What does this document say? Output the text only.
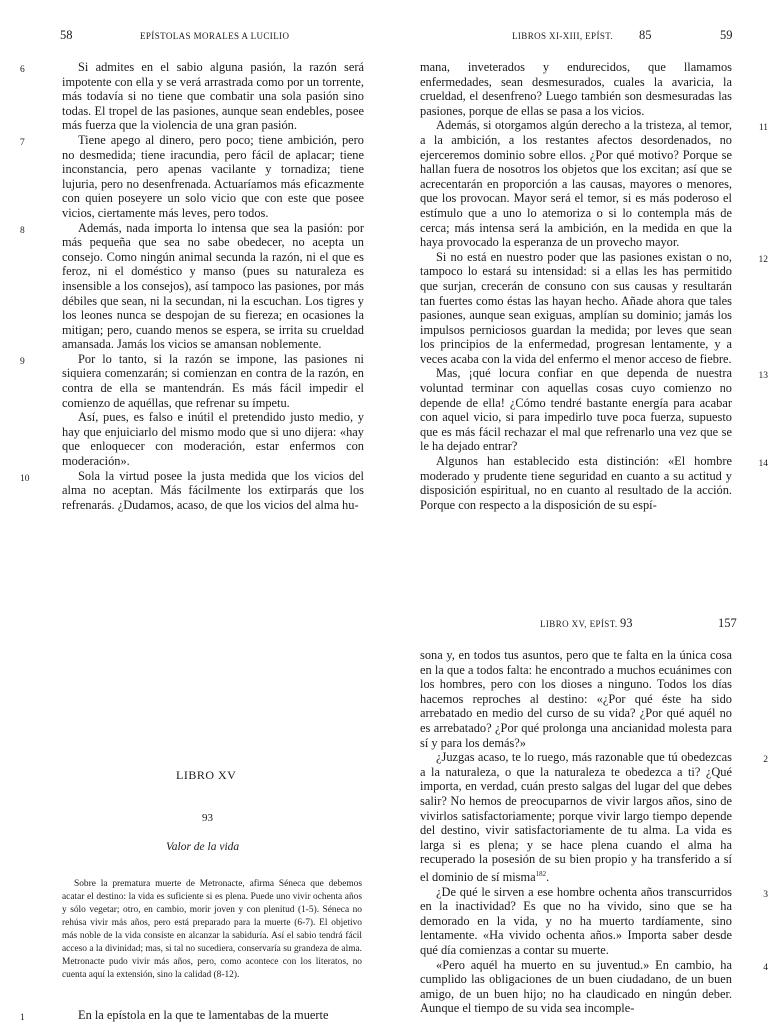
58	EPÍSTOLAS MORALES A LUCILIO
6	Si admites en el sabio alguna pasión, la razón será impotente con ella y se verá arrastrada como por un torrente, más todavía si no tiene que combatir una sola pasión sino todas. El tropel de las pasiones, aunque sean endebles, posee más fuerza que la violencia de una gran pasión.

7	Tiene apego al dinero, pero poco; tiene ambición, pero no desmedida; tiene iracundia, pero fácil de aplacar; tiene inconstancia, pero apenas vacilante y tornadiza; tiene lujuria, pero no desenfrenada. Actuaríamos más eficazmente con quien poseyere un solo vicio que con este que posee vicios, ciertamente más leves, pero todos.

8	Además, nada importa lo intensa que sea la pasión: por más pequeña que sea no sabe obedecer, no acepta un consejo. Como ningún animal secunda la razón, ni el que es feroz, ni el doméstico y manso (pues su naturaleza es insensible a los consejos), así tampoco las pasiones, por más débiles que sean, ni la secundan, ni la escuchan. Los tigres y los leones nunca se despojan de su fiereza; en ocasiones la mitigan; pero, cuando menos se espera, se irrita su crueldad amansada. Jamás los vicios se amansan noblemente.

9	Por lo tanto, si la razón se impone, las pasiones ni siquiera comenzarán; si comienzan en contra de la razón, en contra de ella se mantendrán. Es más fácil impedir el comienzo de aquéllas, que refrenar su ímpetu.

Así, pues, es falso e inútil el pretendido justo medio, y hay que enjuiciarlo del mismo modo que si uno dijera: «hay que enloquecer con moderación, estar enfermos con moderación».

10	Sola la virtud posee la justa medida que los vicios del alma no aceptan. Más fácilmente los extirparás que los refrenarás. ¿Dudamos, acaso, de que los vicios del alma hu-

LIBROS XI-XIII, EPÍST. 85	59

mana, inveterados y endurecidos, que llamamos enfermedades, sean desmesurados, cuales la avaricia, la crueldad, el desenfreno? Luego también son desmesuradas las pasiones, porque de ellas se pasa a los vicios.

11

Además, si otorgamos algún derecho a la tristeza, al temor, a la ambición, a los restantes afectos desordenados, no ejerceremos dominio sobre ellos. ¿Por qué motivo? Porque se hallan fuera de nosotros los objetos que los excitan; así que se acrecentarán en proporción a las causas, mayores o menores, que los provocan. Mayor será el temor, si es más poderoso el estímulo que a uno lo atemoriza o si lo contempla más de cerca; más intensa será la ambición, en la medida en que la haya provocado la esperanza de un provecho mayor.

12

Si no está en nuestro poder que las pasiones existan o no, tampoco lo estará su intensidad: si a ellas les has permitido que surjan, crecerán de consuno con sus causas y resultarán tan fuertes como éstas las hayan hecho. Añade ahora que tales pasiones, aunque sean exiguas, amplían su dominio; jamás los impulsos perniciosos guardan la medida; por leves que sean los principios de la enfermedad, progresan lentamente, y a veces acaba con la vida del enfermo el menor acceso de fiebre.

13

Mas, ¡qué locura confiar en que dependa de nuestra voluntad terminar con aquellas cosas cuyo comienzo no depende de ella! ¿Cómo tendré bastante energía para acabar con aquel vicio, si para impedirlo tuve poca fuerza, supuesto que es más fácil rechazar el mal que refrenarlo una vez que se le ha dejado entrar?

14

Algunos han establecido esta distinción: «El hombre moderado y prudente tiene seguridad en cuanto a su actitud y disposición espiritual, no en cuanto al resultado de la acción. Porque con respecto a la disposición de su espí-

LIBRO XV
93
Valor de la vida

Sobre la prematura muerte de Metronacte, afirma Séneca que debemos acatar el destino: la vida es suficiente si es plena. Puede uno vivir ochenta años y sólo vegetar; otro, en cambio, morir joven y con plenitud (1-5). Séneca no rehúsa vivir más años, pero está preparado para la muerte (6-7). El objetivo más noble de la vida consiste en alcanzar la sabiduría. Así el sabio tendrá fácil acceso a la divinidad; mas, si tal no sucediera, conservaría su grandeza de alma. Metronacte pudo vivir más años, pero, como acontece con los literatos, no cuenta aquí la extensión, sino la calidad (8-12).

1	En la epístola en la que te lamentabas de la muerte
LIBRO XV, EPÍST. 93	157

sona y, en todos tus asuntos, pero que te falta en la única cosa en la que a todos falta: he encontrado a muchos ecuánimes con los hombres, pero con los dioses a ninguno. Todos los días hacemos reproches al destino: «¿Por qué éste ha sido arrebatado en medio del curso de su vida? ¿Por qué aquél no es arrebatado? ¿Por qué prolonga una ancianidad molesta para sí y para los demás?»

2

¿Juzgas acaso, te lo ruego, más razonable que tú obedezcas a la naturaleza, o que la naturaleza te obedezca a ti? ¿Qué importa, en verdad, cuán presto salgas del lugar del que debes salir? No hemos de preocuparnos de vivir largos años, sino de vivirlos satisfactoriamente; porque vivir largo tiempo depende del destino, vivir satisfactoriamente de tu alma. La vida es larga si es plena; y se hace plena cuando el alma ha recuperado la posesión de su bien propio y ha transferido a sí el dominio de sí misma$^{182}$.

3

¿De qué le sirven a ese hombre ochenta años transcurridos en la inactividad? Es que no ha vivido, sino que se ha demorado en la vida, y no ha muerto tardíamente, sino lentamente. «Ha vivido ochenta años.» Importa saber desde qué día comienzas a contar su muerte.

4

«Pero aquél ha muerto en su juventud.» En cambio, ha cumplido las obligaciones de un buen ciudadano, de un buen amigo, de un buen hijo; no ha claudicado en ningún deber. Aunque el tiempo de su vida sea incomple-
